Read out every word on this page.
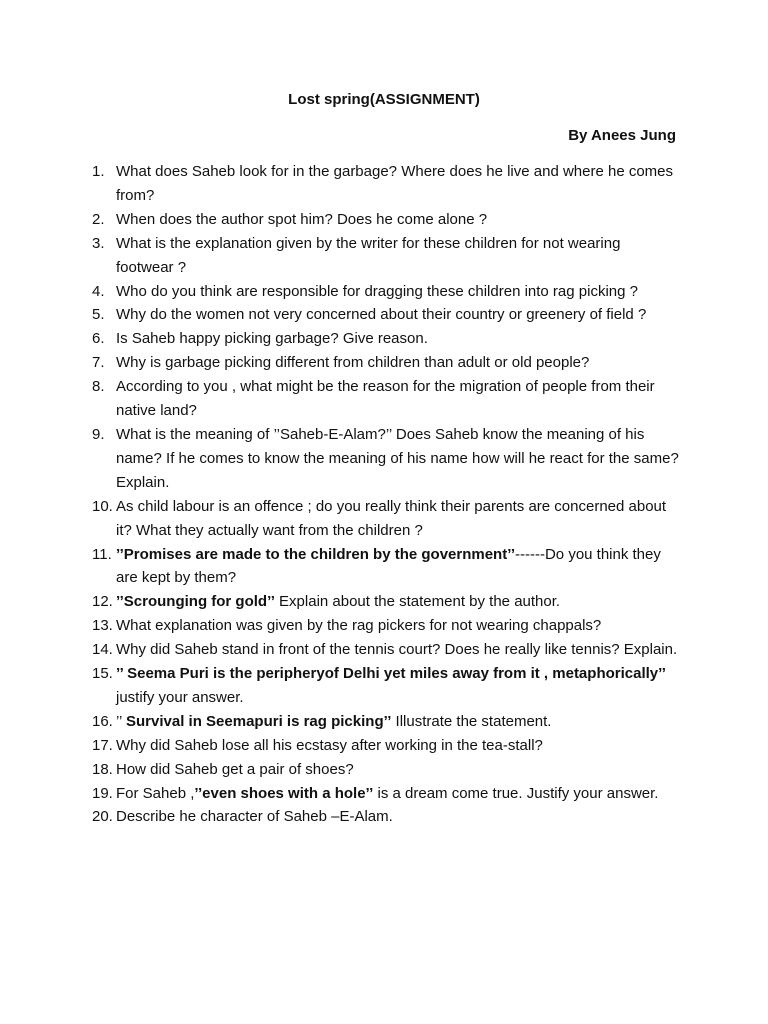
Lost spring(ASSIGNMENT)
By Anees Jung
1. What does Saheb look for in the garbage? Where does he live and where he comes from?
2. When does the author spot him? Does he come alone ?
3. What is the explanation given by the writer for these children for not wearing footwear ?
4. Who do you think are responsible for dragging these children into rag picking ?
5. Why do the women not very concerned about their country or greenery of field ?
6. Is Saheb happy picking garbage? Give reason.
7. Why is garbage picking different from children than adult or old people?
8. According to you , what might be the reason for the migration of people from their native land?
9. What is the meaning of ’’Saheb-E-Alam?’’ Does Saheb know the meaning of his name? If he comes to know the meaning of his name how will he react for the same? Explain.
10. As child labour is an offence ; do you really think their parents are concerned about it? What they actually want from the children ?
11. ’’Promises are made to the children by the government’’------Do you think they are kept by them?
12. ’’Scrounging for gold’’ Explain about the statement by the author.
13. What explanation was given by the rag pickers for not wearing chappals?
14. Why did Saheb stand in front of the tennis court? Does he really like tennis? Explain.
15. ’’ Seema Puri is the peripheryof Delhi yet miles away from it , metaphorically’’ justify your answer.
16. ’’ Survival in Seemapuri is rag picking’’ Illustrate the statement.
17. Why did Saheb lose all his ecstasy after working in the tea-stall?
18. How did Saheb get a pair of shoes?
19. For Saheb ,’’even shoes with a hole’’ is a dream come true. Justify your answer.
20. Describe he character of Saheb –E-Alam.
